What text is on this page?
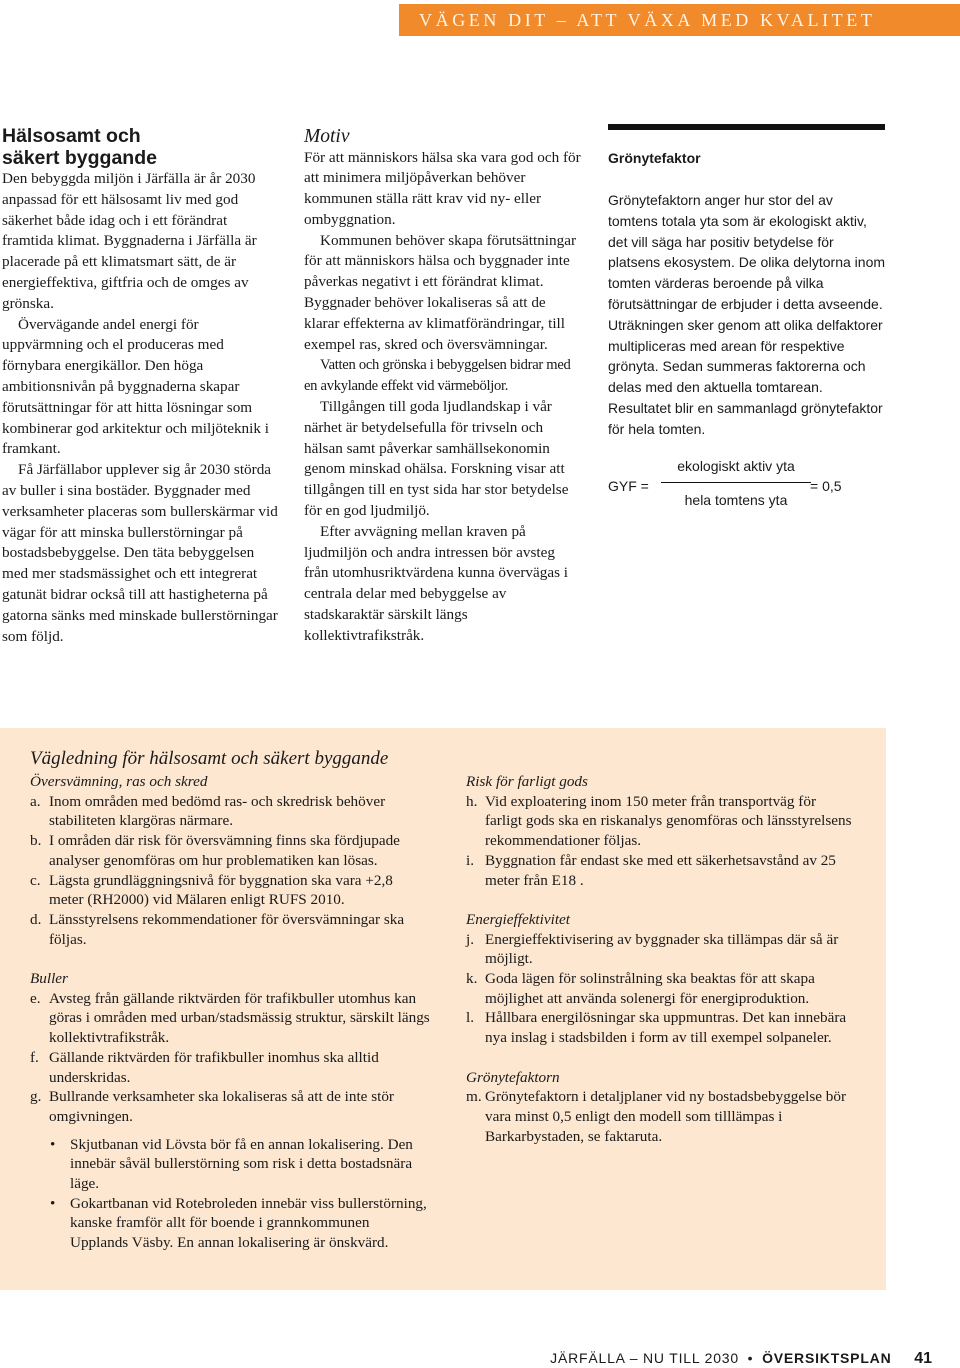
VÄGEN DIT – ATT VÄXA MED KVALITET
Hälsosamt och
säkert byggande

Den bebyggda miljön i Järfälla är år 2030 anpassad för ett hälsosamt liv med god säkerhet både idag och i ett förändrat framtida klimat. Byggnaderna i Järfälla är placerade på ett klimatsmart sätt, de är energieffektiva, giftfria och de omges av grönska.

Övervägande andel energi för uppvärmning och el produceras med förnybara energikällor. Den höga ambitionsnivån på byggnaderna skapar förutsättningar för att hitta lösningar som kombinerar god arkitektur och miljöteknik i framkant.

Få Järfällabor upplever sig år 2030 störda av buller i sina bostäder. Byggnader med verksamheter placeras som bullerskärmar vid vägar för att minska bullerstörningar på bostadsbebyggelse. Den täta bebyggelsen med mer stadsmässighet och ett integrerat gatunät bidrar också till att hastigheterna på gatorna sänks med minskade bullerstörningar som följd.

Motiv

För att människors hälsa ska vara god och för att minimera miljöpåverkan behöver kommunen ställa rätt krav vid ny- eller ombyggnation.

Kommunen behöver skapa förutsättningar för att människors hälsa och byggnader inte påverkas negativt i ett förändrat klimat. Byggnader behöver lokaliseras så att de klarar effekterna av klimatförändringar, till exempel ras, skred och översvämningar.

Vatten och grönska i bebyggelsen bidrar med en avkylande effekt vid värmeböljor.

Tillgången till goda ljudlandskap i vår närhet är betydelsefulla för trivseln och hälsan samt påverkar samhällsekonomin genom minskad ohälsa. Forskning visar att tillgången till en tyst sida har stor betydelse för en god ljudmiljö.

Efter avvägning mellan kraven på ljudmiljön och andra intressen bör avsteg från utomhusriktvärdena kunna övervägas i centrala delar med bebyggelse av stadskaraktär särskilt längs kollektivtrafikstråk.

Grönytefaktor

Grönytefaktorn anger hur stor del av tomtens totala yta som är ekologiskt aktiv, det vill säga har positiv betydelse för platsens ekosystem. De olika delytorna inom tomten värderas beroende på vilka förutsättningar de erbjuder i detta avseende. Uträkningen sker genom att olika delfaktorer multipliceras med arean för respektive grönyta. Sedan summeras faktorerna och delas med den aktuella tomtarean. Resultatet blir en sammanlagd grönytefaktor för hela tomten.

GYF =
ekologiskt aktiv yta
hela tomtens yta
= 0,5
Vägledning för hälsosamt och säkert byggande

Översvämning, ras och skred

a. Inom områden med bedömd ras- och skredrisk behöver stabiliteten klargöras närmare.

b. I områden där risk för översvämning finns ska fördjupade analyser genomföras om hur problematiken kan lösas.

c. Lägsta grundläggningsnivå för byggnation ska vara +2,8 meter (RH2000) vid Mälaren enligt RUFS 2010.

d. Länsstyrelsens rekommendationer för översvämningar ska följas.

Buller

e. Avsteg från gällande riktvärden för trafikbuller utomhus kan göras i områden med urban/stadsmässig struktur, särskilt längs kollektivtrafikstråk.

f. Gällande riktvärden för trafikbuller inomhus ska alltid underskridas.

g. Bullrande verksamheter ska lokaliseras så att de inte stör omgivningen.

• Skjutbanan vid Lövsta bör få en annan lokalisering. Den innebär såväl bullerstörning som risk i detta bostadsnära läge.

• Gokartbanan vid Rotebroleden innebär viss bullerstörning, kanske framför allt för boende i grannkommunen Upplands Väsby. En annan lokalisering är önskvärd.

Risk för farligt gods

h. Vid exploatering inom 150 meter från transportväg för farligt gods ska en riskanalys genomföras och länsstyrelsens rekommendationer följas.

i. Byggnation får endast ske med ett säkerhetsavstånd av 25 meter från E18 .

Energieffektivitet

j. Energieffektivisering av byggnader ska tillämpas där så är möjligt.

k. Goda lägen för solinstrålning ska beaktas för att skapa möjlighet att använda solenergi för energiproduktion.

l. Hållbara energilösningar ska uppmuntras. Det kan innebära nya inslag i stadsbilden i form av till exempel solpaneler.

Grönytefaktorn

m. Grönytefaktorn i detaljplaner vid ny bostadsbebyggelse bör vara minst 0,5 enligt den modell som tilllämpas i Barkarbystaden, se faktaruta.

JÄRFÄLLA – NU TILL 2030 • ÖVERSIKTSPLAN 41
